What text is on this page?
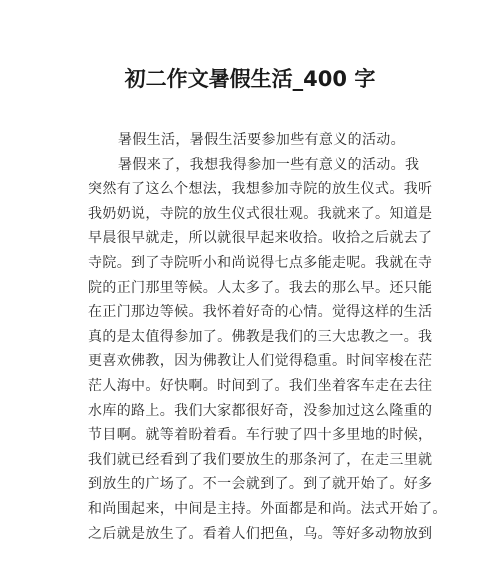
初二作文暑假生活_400 字
暑假生活，暑假生活要参加些有意义的活动。
暑假来了，我想我得参加一些有意义的活动。我
突然有了这么个想法，我想参加寺院的放生仪式。我听
我奶奶说，寺院的放生仪式很壮观。我就来了。知道是
早晨很早就走，所以就很早起来收拾。收拾之后就去了
寺院。到了寺院听小和尚说得七点多能走呢。我就在寺
院的正门那里等候。人太多了。我去的那么早。还只能
在正门那边等候。我怀着好奇的心情。觉得这样的生活
真的是太值得参加了。佛教是我们的三大忠教之一。我
更喜欢佛教，因为佛教让人们觉得稳重。时间宰梭在茫
茫人海中。好快啊。时间到了。我们坐着客车走在去往
水库的路上。我们大家都很好奇，没参加过这么隆重的
节目啊。就等着盼着看。车行驶了四十多里地的时候，
我们就已经看到了我们要放生的那条河了，在走三里就
到放生的广场了。不一会就到了。到了就开始了。好多
和尚围起来，中间是主持。外面都是和尚。法式开始了。
之后就是放生了。看着人们把鱼，乌。等好多动物放到
